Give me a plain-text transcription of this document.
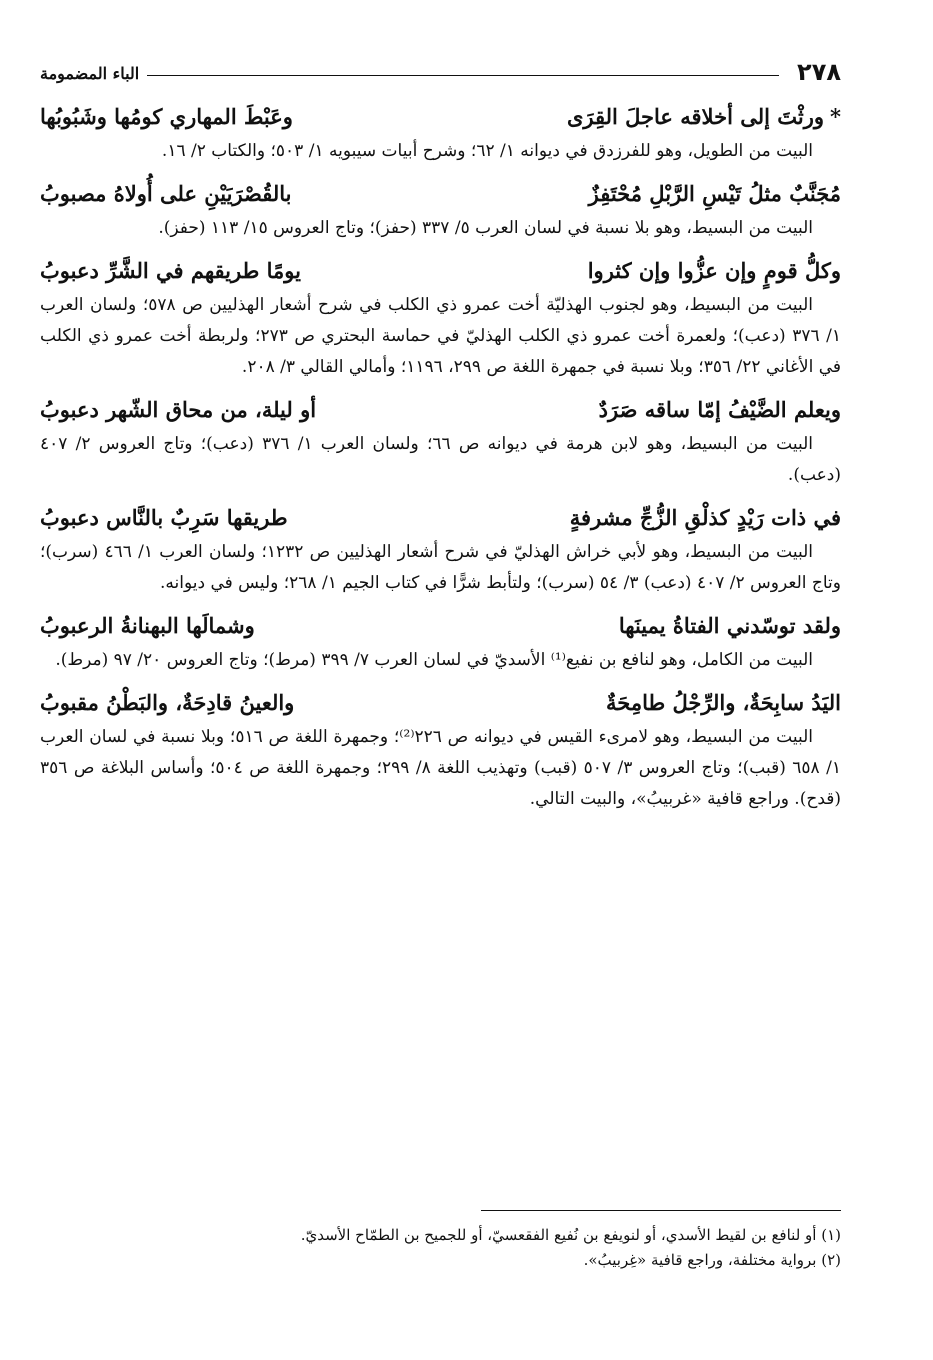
٢٧٨
الباء المضمومة
*ورثْتَ إلى أخلاقه عاجلَ القِرَى
وعَبْطَ المهاري كومُها وشَبُوبُها

البيت من الطويل، وهو للفرزدق في ديوانه ١/ ٦٢؛ وشرح أبيات سيبويه ١/ ٥٠٣؛ والكتاب ٢/ ١٦.

مُجَنَّبٌ مثلُ تَيْسِ الرَّبْلِ مُحْتَفِزٌ
بالقُصْرَيَيْنِ على أُولاهُ مصبوبُ

البيت من البسيط، وهو بلا نسبة في لسان العرب ٥/ ٣٣٧ (حفز)؛ وتاج العروس ١٥/ ١١٣ (حفز).

وكلُّ قومٍ وإن عزُّوا وإن كثروا
يومًا طريقهم في الشَّرِّ دعبوبُ

البيت من البسيط، وهو لجنوب الهذليّة أخت عمرو ذي الكلب في شرح أشعار الهذليين ص ٥٧٨؛ ولسان العرب ١/ ٣٧٦ (دعب)؛ ولعمرة أخت عمرو ذي الكلب الهذليّ في حماسة البحتري ص ٢٧٣؛ ولربطة أخت عمرو ذي الكلب في الأغاني ٢٢/ ٣٥٦؛ وبلا نسبة في جمهرة اللغة ص ٢٩٩، ١١٩٦؛ وأمالي القالي ٣/ ٢٠٨.

ويعلم الضَّيْفُ إمّا ساقه صَرَدٌ
أو ليلة، من محاق الشّهر دعبوبُ

البيت من البسيط، وهو لابن هرمة في ديوانه ص ٦٦؛ ولسان العرب ١/ ٣٧٦ (دعب)؛ وتاج العروس ٢/ ٤٠٧ (دعب).

في ذات رَيْدٍ كذلْقِ الزُّجِّ مشرفةٍ
طريقها سَرِبٌ بالنَّاس دعبوبُ

البيت من البسيط، وهو لأبي خراش الهذليّ في شرح أشعار الهذليين ص ١٢٣٢؛ ولسان العرب ١/ ٤٦٦ (سرب)؛ وتاج العروس ٢/ ٤٠٧ (دعب) ٣/ ٥٤ (سرب)؛ ولتأبط شرًّا في كتاب الجيم ١/ ٢٦٨؛ وليس في ديوانه.

ولقد توسّدني الفتاةُ يمينَها
وشمالَها البهنانةُ الرعبوبُ

البيت من الكامل، وهو لنافع بن نفيع⁽¹⁾ الأسديّ في لسان العرب ٧/ ٣٩٩ (مرط)؛ وتاج العروس ٢٠/ ٩٧ (مرط).

اليَدُ سابِحَةٌ، والرِّجْلُ طامِحَةٌ
والعينُ قادِحَةٌ، والبَطْنُ مقبوبُ

البيت من البسيط، وهو لامرىء القيس في ديوانه ص ٢٢٦⁽²⁾؛ وجمهرة اللغة ص ٥١٦؛ وبلا نسبة في لسان العرب ١/ ٦٥٨ (قبب)؛ وتاج العروس ٣/ ٥٠٧ (قبب) وتهذيب اللغة ٨/ ٢٩٩؛ وجمهرة اللغة ص ٥٠٤؛ وأساس البلاغة ص ٣٥٦ (قدح). وراجع قافية «غربيبُ»، والبيت التالي.

(١) أو لنافع بن لقيط الأسدي، أو لنويفع بن نُفيع الفقعسيّ، أو للجميح بن الطمّاح الأسديّ.

(٢) برواية مختلفة، وراجع قافية «غِربيبُ».
